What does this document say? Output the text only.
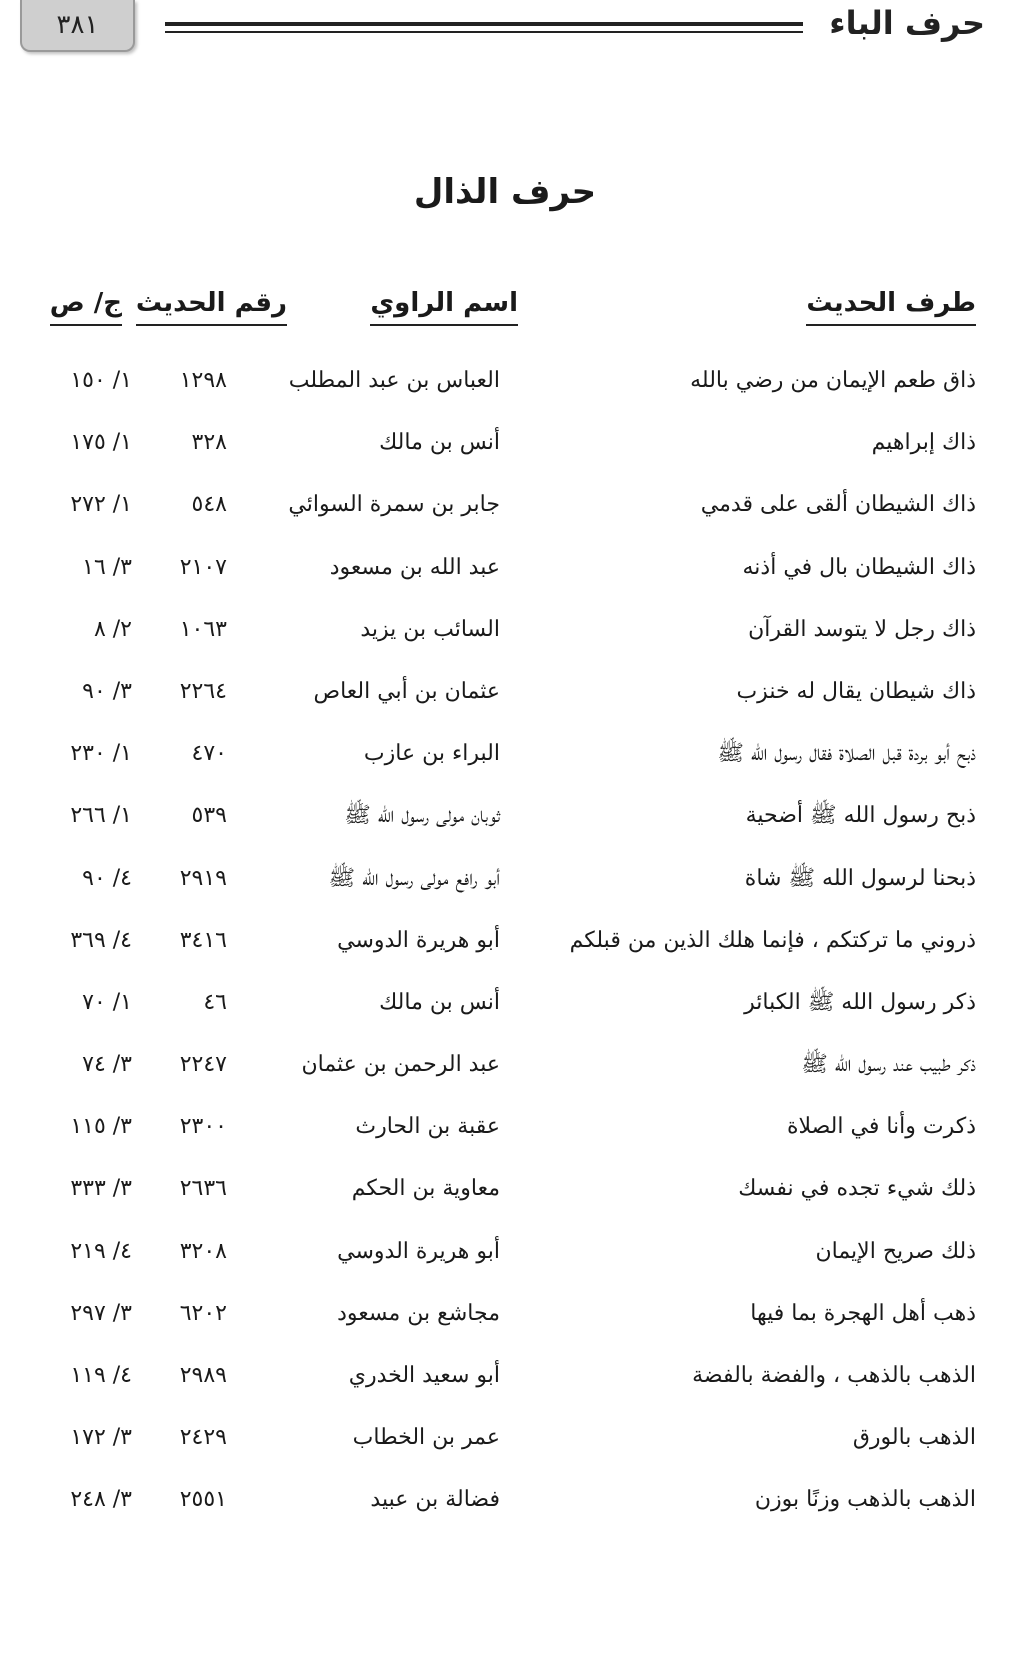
٣٨١	حرف الباء
حرف الذال
طرف الحديث
اسم الراوي
رقم الحديث
ج/ ص
ذاق طعم الإيمان من رضي بالله
العباس بن عبد المطلب
١٢٩٨
١/ ١٥٠
ذاك إبراهيم
أنس بن مالك
٣٢٨
١/ ١٧٥
ذاك الشيطان ألقى على قدمي
جابر بن سمرة السوائي
٥٤٨
١/ ٢٧٢
ذاك الشيطان بال في أذنه
عبد الله بن مسعود
٢١٠٧
٣/ ١٦
ذاك رجل لا يتوسد القرآن
السائب بن يزيد
١٠٦٣
٢/ ٨
ذاك شيطان يقال له خنزب
عثمان بن أبي العاص
٢٢٦٤
٣/ ٩٠
ذبح أبو بردة قبل الصلاة فقال رسول الله ﷺ
البراء بن عازب
٤٧٠
١/ ٢٣٠
ذبح رسول الله ﷺ أضحية
ثوبان مولى رسول الله ﷺ
٥٣٩
١/ ٢٦٦
ذبحنا لرسول الله ﷺ شاة
أبو رافع مولى رسول الله ﷺ
٢٩١٩
٤/ ٩٠
ذروني ما تركتكم ، فإنما هلك الذين من قبلكم
أبو هريرة الدوسي
٣٤١٦
٤/ ٣٦٩
ذكر رسول الله ﷺ الكبائر
أنس بن مالك
٤٦
١/ ٧٠
ذكر طبيب عند رسول الله ﷺ
عبد الرحمن بن عثمان
٢٢٤٧
٣/ ٧٤
ذكرت وأنا في الصلاة
عقبة بن الحارث
٢٣٠٠
٣/ ١١٥
ذلك شيء تجده في نفسك
معاوية بن الحكم
٢٦٣٦
٣/ ٣٣٣
ذلك صريح الإيمان
أبو هريرة الدوسي
٣٢٠٨
٤/ ٢١٩
ذهب أهل الهجرة بما فيها
مجاشع بن مسعود
٦٢٠٢
٣/ ٢٩٧
الذهب بالذهب ، والفضة بالفضة
أبو سعيد الخدري
٢٩٨٩
٤/ ١١٩
الذهب بالورق
عمر بن الخطاب
٢٤٢٩
٣/ ١٧٢
الذهب بالذهب وزنًا بوزن
فضالة بن عبيد
٢٥٥١
٣/ ٢٤٨
